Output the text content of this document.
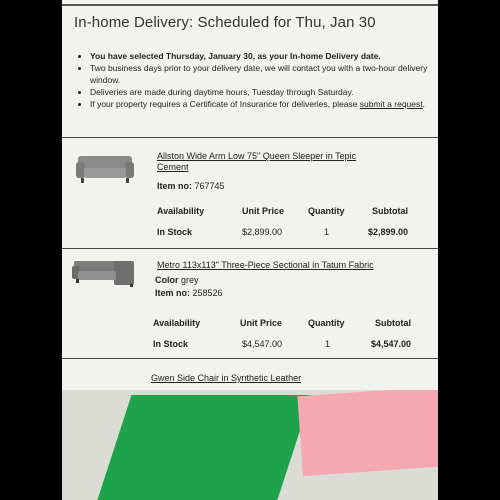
In-home Delivery: Scheduled for Thu, Jan 30
• You have selected Thursday, January 30, as your In-home Delivery date.
• Two business days prior to your delivery date, we will contact you with a two-hour delivery window.
• Deliveries are made during daytime hours, Tuesday through Saturday.
• If your property requires a Certificate of Insurance for deliveries, please submit a request.
Allston Wide Arm Low 75" Queen Sleeper in Tepic Cement
Item no: 767745
Availability	Unit Price	Quantity	Subtotal
In Stock	$2,899.00	1	$2,899.00
Metro 113x113" Three-Piece Sectional in Tatum Fabric
Color grey
Item no: 258526
Availability	Unit Price	Quantity	Subtotal
In Stock	$4,547.00	1	$4,547.00
Gwen Side Chair in Synthetic Leather
